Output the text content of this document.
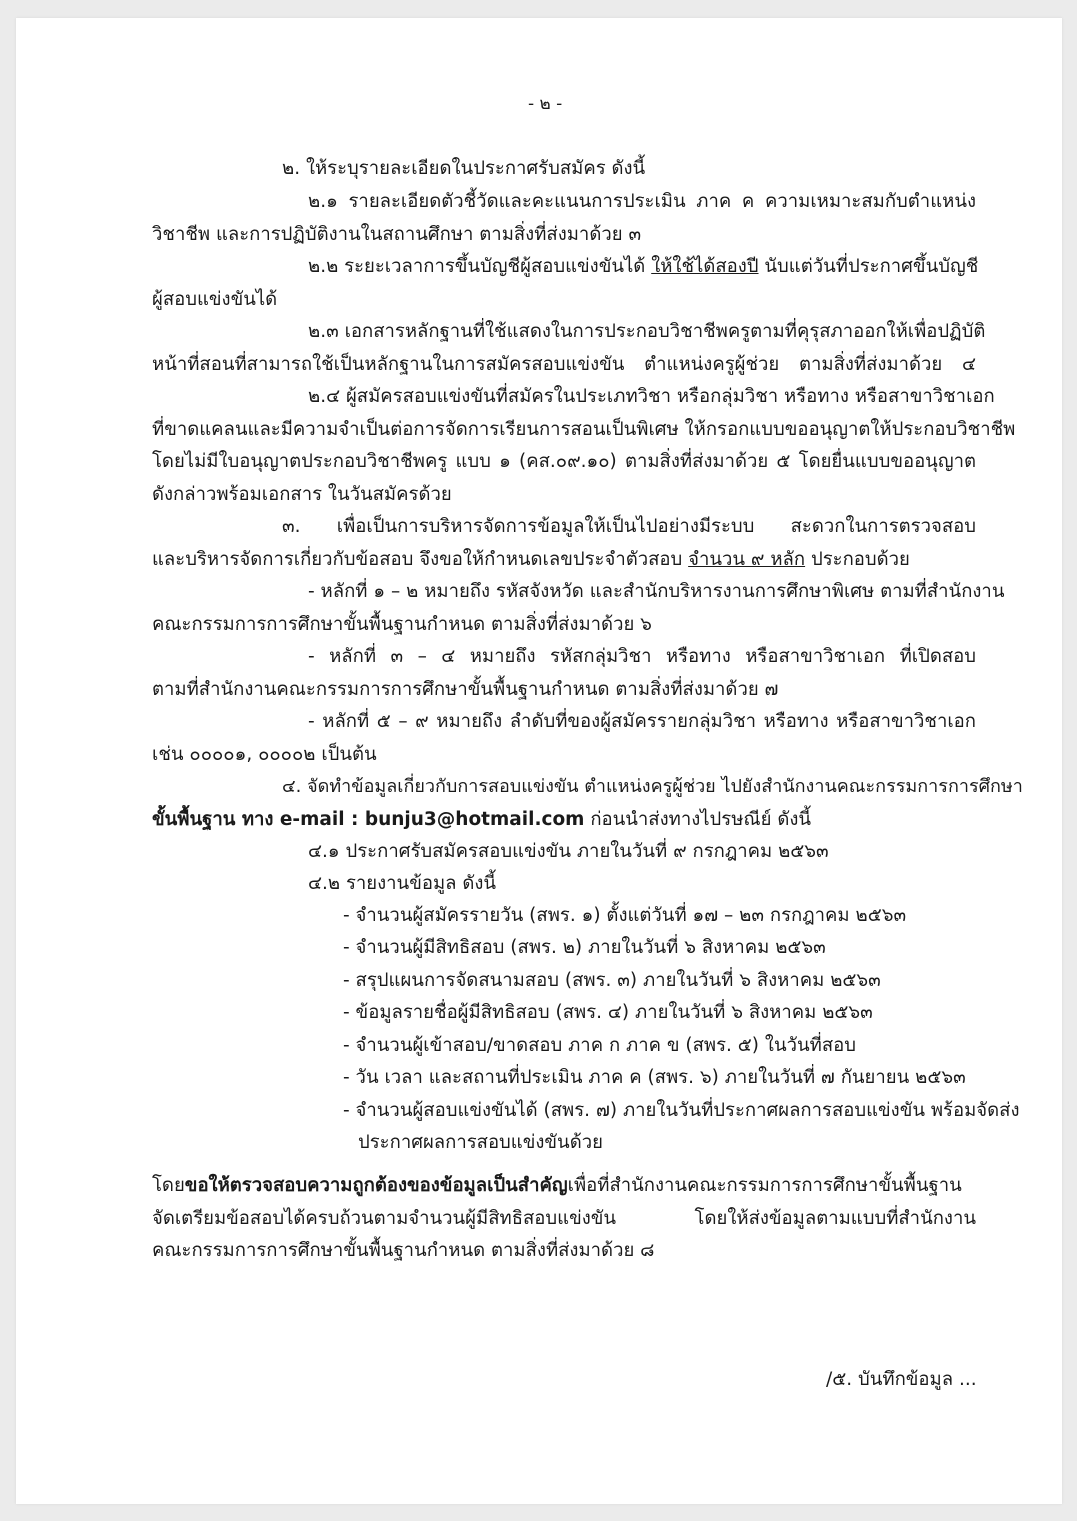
- ๒ -
๒. ให้ระบุรายละเอียดในประกาศรับสมัคร ดังนี้
๒.๑ รายละเอียดตัวชี้วัดและคะแนนการประเมิน ภาค ค ความเหมาะสมกับตำแหน่ง
วิชาชีพ และการปฏิบัติงานในสถานศึกษา ตามสิ่งที่ส่งมาด้วย ๓
๒.๒ ระยะเวลาการขึ้นบัญชีผู้สอบแข่งขันได้ ให้ใช้ได้สองปี นับแต่วันที่ประกาศขึ้นบัญชี
ผู้สอบแข่งขันได้
๒.๓ เอกสารหลักฐานที่ใช้แสดงในการประกอบวิชาชีพครูตามที่คุรุสภาออกให้เพื่อปฏิบัติ
หน้าที่สอนที่สามารถใช้เป็นหลักฐานในการสมัครสอบแข่งขัน ตำแหน่งครูผู้ช่วย ตามสิ่งที่ส่งมาด้วย ๔
๒.๔ ผู้สมัครสอบแข่งขันที่สมัครในประเภทวิชา หรือกลุ่มวิชา หรือทาง หรือสาขาวิชาเอก
ที่ขาดแคลนและมีความจำเป็นต่อการจัดการเรียนการสอนเป็นพิเศษ ให้กรอกแบบขออนุญาตให้ประกอบวิชาชีพ
โดยไม่มีใบอนุญาตประกอบวิชาชีพครู แบบ ๑ (คส.๐๙.๑๐) ตามสิ่งที่ส่งมาด้วย ๕ โดยยื่นแบบขออนุญาต
ดังกล่าวพร้อมเอกสาร ในวันสมัครด้วย
๓. เพื่อเป็นการบริหารจัดการข้อมูลให้เป็นไปอย่างมีระบบ สะดวกในการตรวจสอบ
และบริหารจัดการเกี่ยวกับข้อสอบ จึงขอให้กำหนดเลขประจำตัวสอบ จำนวน ๙ หลัก ประกอบด้วย
- หลักที่ ๑ – ๒ หมายถึง รหัสจังหวัด และสำนักบริหารงานการศึกษาพิเศษ ตามที่สำนักงาน
คณะกรรมการการศึกษาขั้นพื้นฐานกำหนด ตามสิ่งที่ส่งมาด้วย ๖
- หลักที่ ๓ – ๔ หมายถึง รหัสกลุ่มวิชา หรือทาง หรือสาขาวิชาเอก ที่เปิดสอบ
ตามที่สำนักงานคณะกรรมการการศึกษาขั้นพื้นฐานกำหนด ตามสิ่งที่ส่งมาด้วย ๗
- หลักที่ ๕ – ๙ หมายถึง ลำดับที่ของผู้สมัครรายกลุ่มวิชา หรือทาง หรือสาขาวิชาเอก
เช่น ๐๐๐๐๑, ๐๐๐๐๒ เป็นต้น
๔. จัดทำข้อมูลเกี่ยวกับการสอบแข่งขัน ตำแหน่งครูผู้ช่วย ไปยังสำนักงานคณะกรรมการการศึกษา
ขั้นพื้นฐาน ทาง e-mail : bunju3@hotmail.com ก่อนนำส่งทางไปรษณีย์ ดังนี้
๔.๑ ประกาศรับสมัครสอบแข่งขัน ภายในวันที่ ๙ กรกฎาคม ๒๕๖๓
๔.๒ รายงานข้อมูล ดังนี้
- จำนวนผู้สมัครรายวัน (สพร. ๑) ตั้งแต่วันที่ ๑๗ – ๒๓ กรกฎาคม ๒๕๖๓
- จำนวนผู้มีสิทธิสอบ (สพร. ๒) ภายในวันที่ ๖ สิงหาคม ๒๕๖๓
- สรุปแผนการจัดสนามสอบ (สพร. ๓) ภายในวันที่ ๖ สิงหาคม ๒๕๖๓
- ข้อมูลรายชื่อผู้มีสิทธิสอบ (สพร. ๔) ภายในวันที่ ๖ สิงหาคม ๒๕๖๓
- จำนวนผู้เข้าสอบ/ขาดสอบ ภาค ก ภาค ข (สพร. ๕) ในวันที่สอบ
- วัน เวลา และสถานที่ประเมิน ภาค ค (สพร. ๖) ภายในวันที่ ๗ กันยายน ๒๕๖๓
- จำนวนผู้สอบแข่งขันได้ (สพร. ๗) ภายในวันที่ประกาศผลการสอบแข่งขัน พร้อมจัดส่ง
ประกาศผลการสอบแข่งขันด้วย
โดยขอให้ตรวจสอบความถูกต้องของข้อมูลเป็นสำคัญเพื่อที่สำนักงานคณะกรรมการการศึกษาขั้นพื้นฐาน
จัดเตรียมข้อสอบได้ครบถ้วนตามจำนวนผู้มีสิทธิสอบแข่งขัน โดยให้ส่งข้อมูลตามแบบที่สำนักงาน
คณะกรรมการการศึกษาขั้นพื้นฐานกำหนด ตามสิ่งที่ส่งมาด้วย ๘
/๕. บันทึกข้อมูล ...
